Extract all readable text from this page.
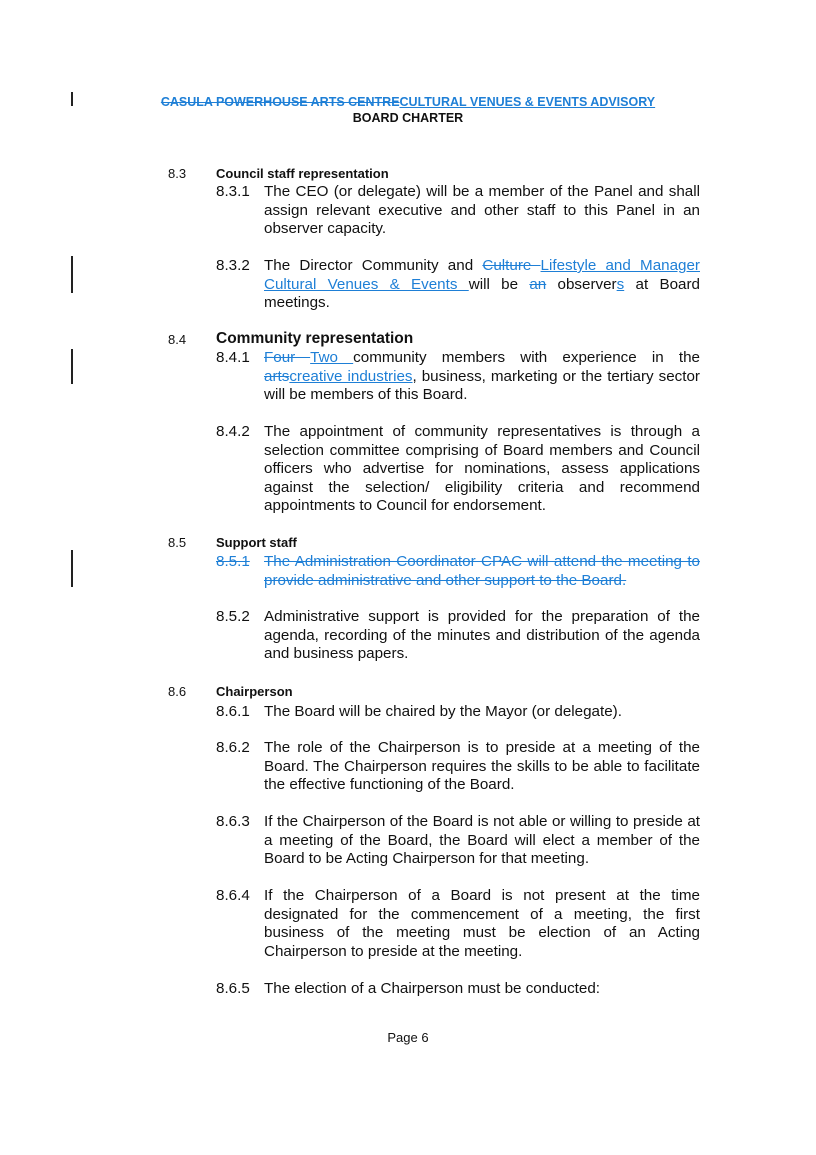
CASULA POWERHOUSE ARTS CENTRECULTURAL VENUES & EVENTS ADVISORY
BOARD CHARTER
8.3 Council staff representation
8.3.1 The CEO (or delegate) will be a member of the Panel and shall assign relevant executive and other staff to this Panel in an observer capacity.
8.3.2 The Director Community and Culture Lifestyle and Manager Cultural Venues & Events will be an observers at Board meetings.
8.4 Community representation
8.4.1 Four Two community members with experience in the artscreative industries, business, marketing or the tertiary sector will be members of this Board.
8.4.2 The appointment of community representatives is through a selection committee comprising of Board members and Council officers who advertise for nominations, assess applications against the selection/ eligibility criteria and recommend appointments to Council for endorsement.
8.5 Support staff
8.5.1 The Administration Coordinator CPAC will attend the meeting to provide administrative and other support to the Board.
8.5.2 Administrative support is provided for the preparation of the agenda, recording of the minutes and distribution of the agenda and business papers.
8.6 Chairperson
8.6.1 The Board will be chaired by the Mayor (or delegate).
8.6.2 The role of the Chairperson is to preside at a meeting of the Board. The Chairperson requires the skills to be able to facilitate the effective functioning of the Board.
8.6.3 If the Chairperson of the Board is not able or willing to preside at a meeting of the Board, the Board will elect a member of the Board to be Acting Chairperson for that meeting.
8.6.4 If the Chairperson of a Board is not present at the time designated for the commencement of a meeting, the first business of the meeting must be election of an Acting Chairperson to preside at the meeting.
8.6.5 The election of a Chairperson must be conducted:
Page 6
